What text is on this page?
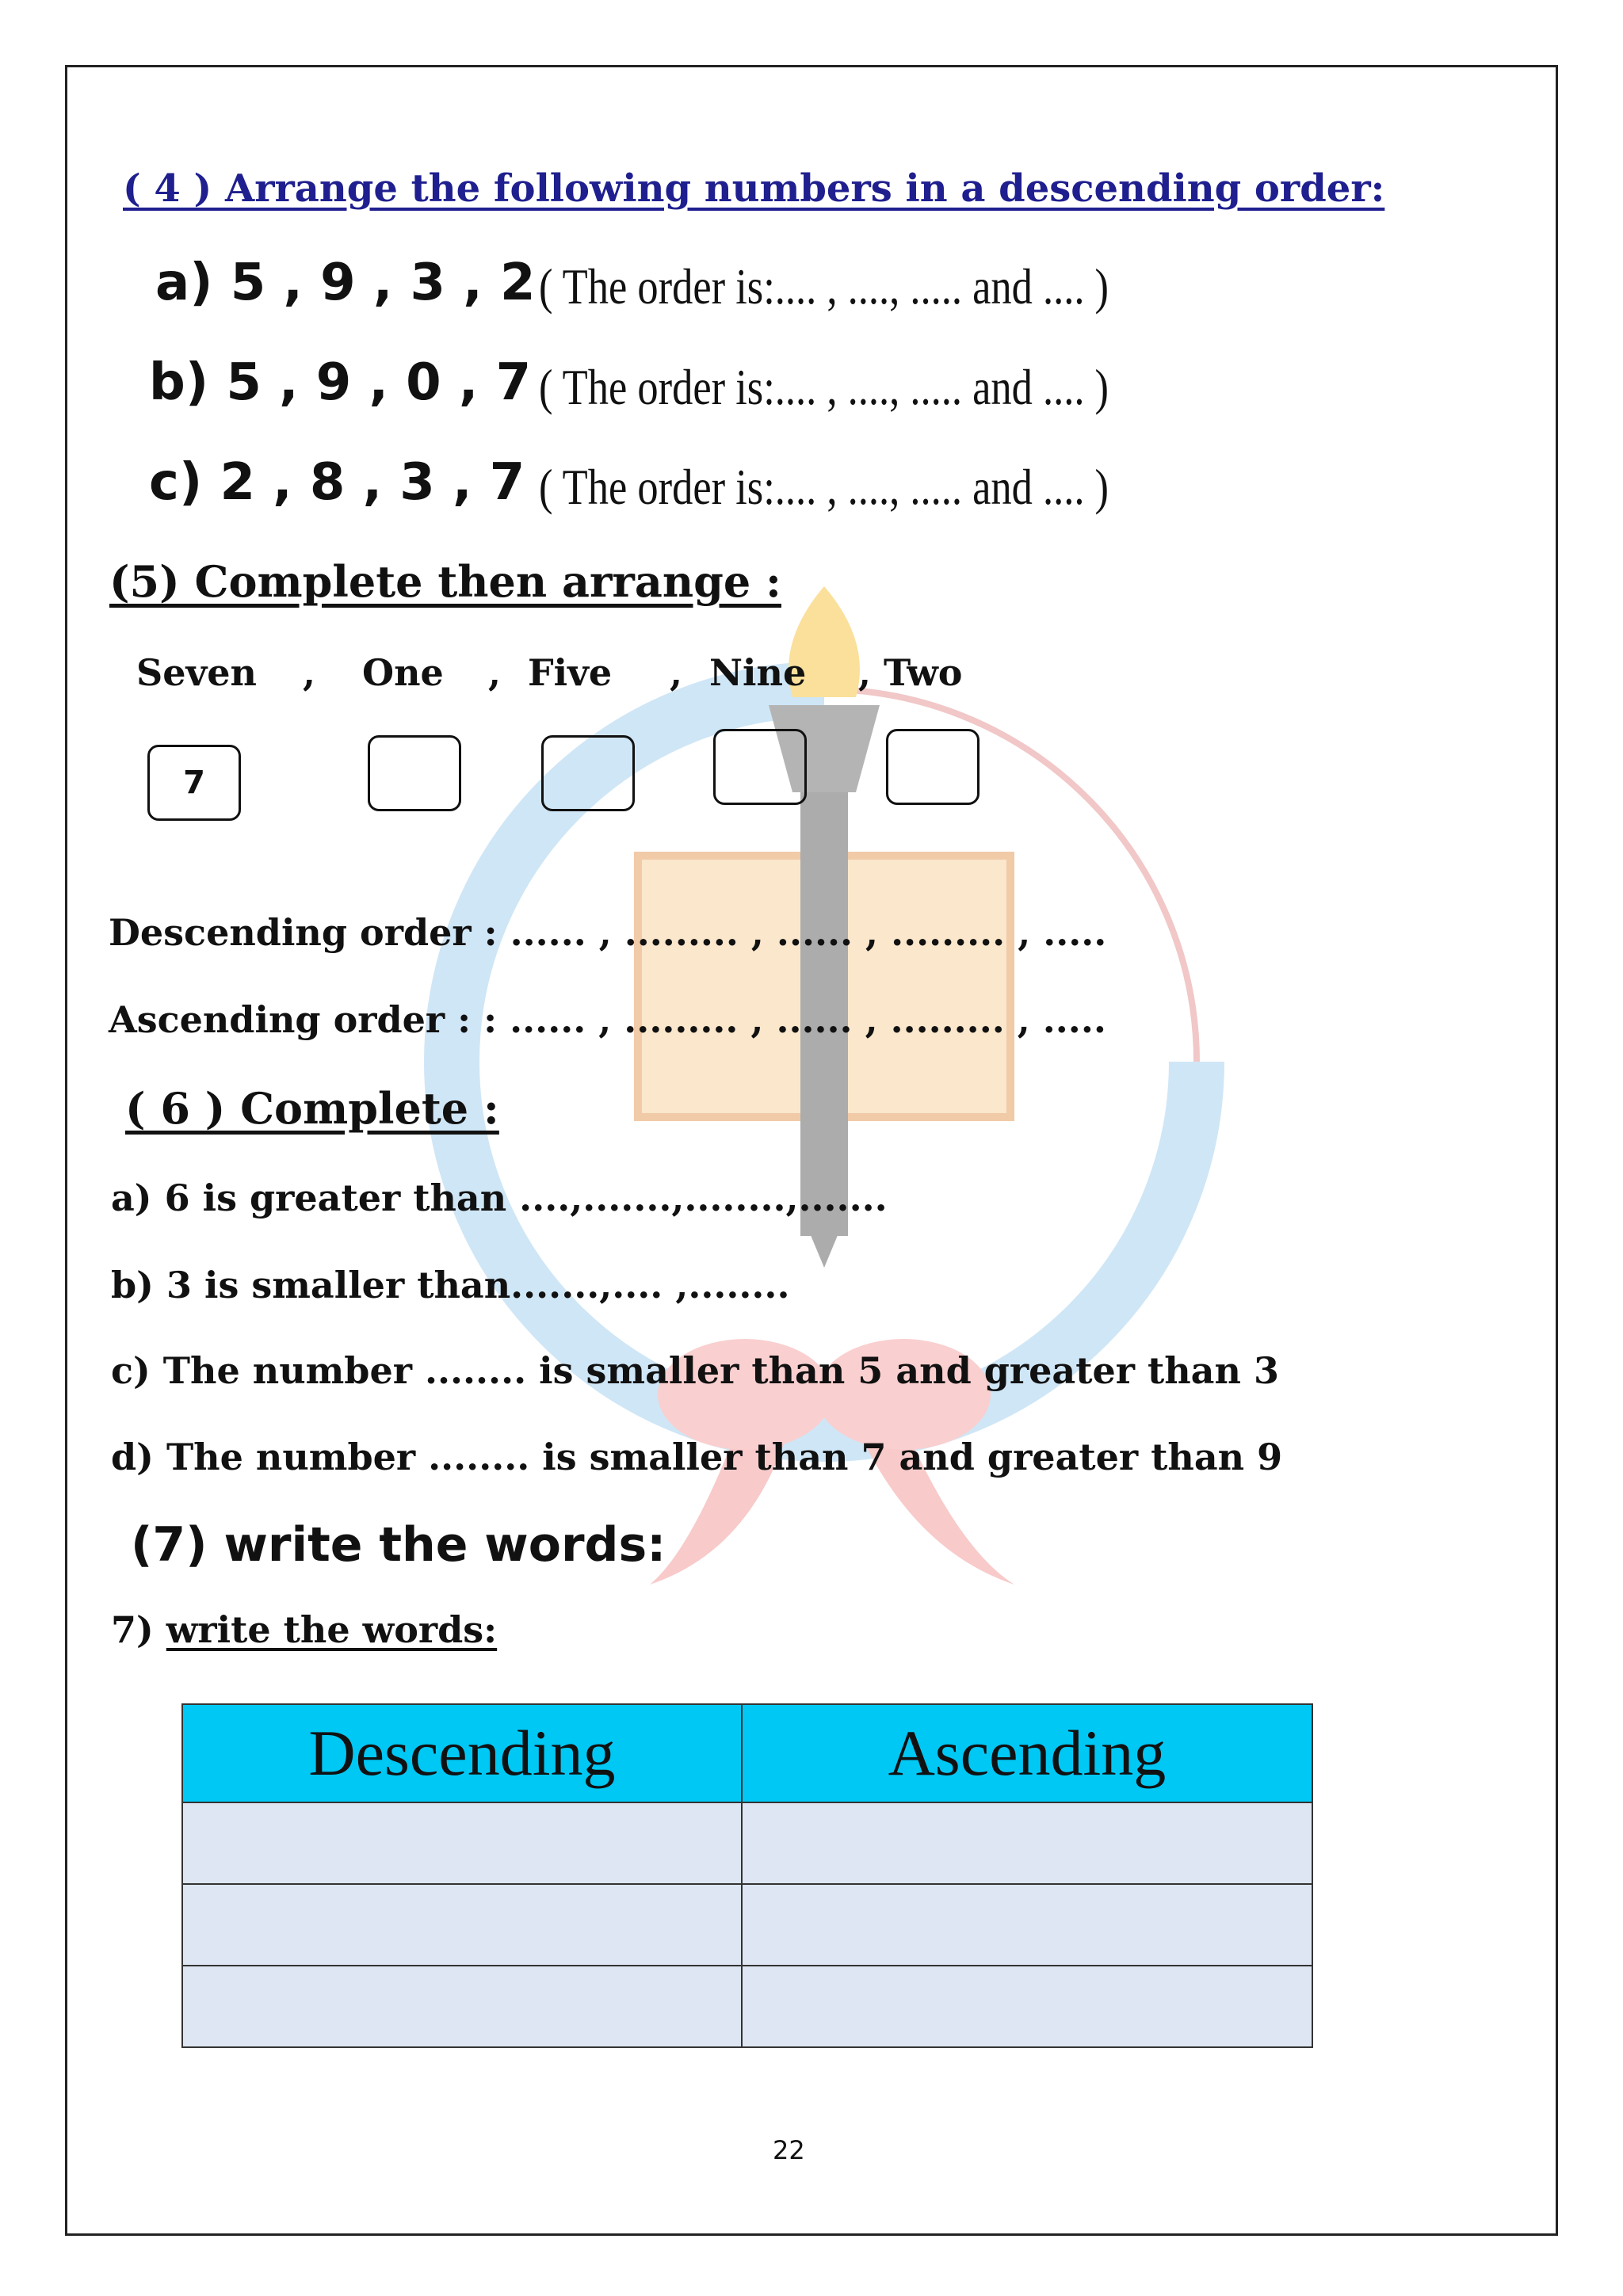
( 4 ) Arrange the following numbers in a descending order:
a) 5 , 9 , 3 , 2 ( The order is:.... , ...., ..... and .... )
b) 5 , 9 , 0 , 7 ( The order is:.... , ...., ..... and .... )
c) 2 , 8 , 3 , 7 ( The order is:.... , ...., ..... and .... )
(5) Complete then arrange :
Seven , One , Five , Nine , Two
7
Descending order : ...... , ......... , ...... , ......... , .....
Ascending order : : ...... , ......... , ...... , ......... , .....
( 6 ) Complete :
a) 6 is greater than ....,.......,........,.......
b) 3 is smaller than.......,.... ,........
c) The number ........ is smaller than 5 and greater than 3
d) The number ........ is smaller than 7 and greater than 9
(7) write the words:
7) write the words:
Descending	Ascending

22
